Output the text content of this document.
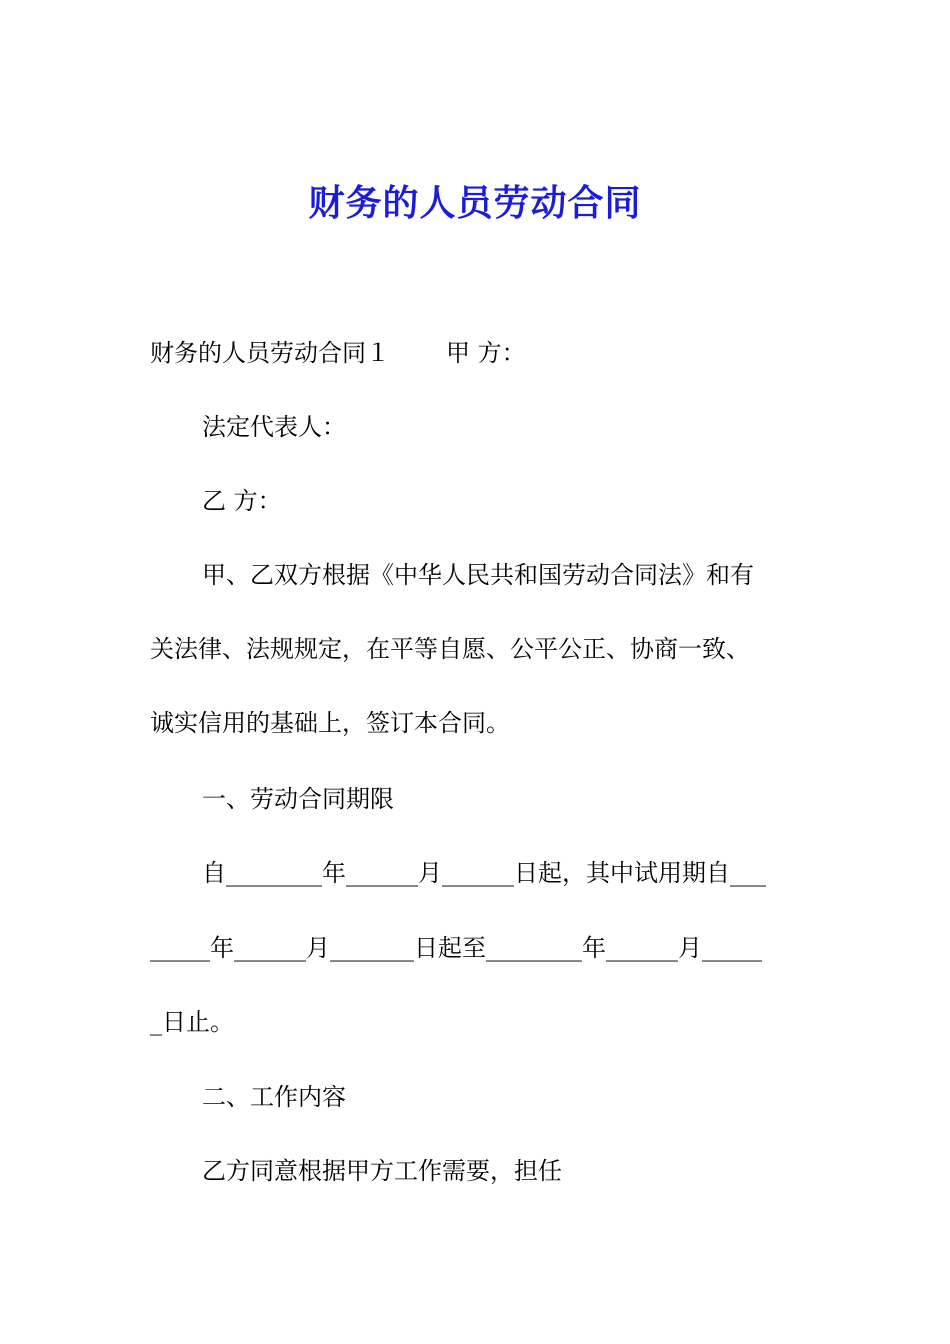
财务的人员劳动合同
财务的人员劳动合同１ 甲 方：
法定代表人：
乙 方：
甲、乙双方根据《中华人民共和国劳动合同法》和有
关法律、法规规定，在平等自愿、公平公正、协商一致、
诚实信用的基础上，签订本合同。
一、劳动合同期限
自________年______月______日起，其中试用期自___
_____年______月_______日起至________年______月_____
_日止。
二、工作内容
乙方同意根据甲方工作需要，担任
